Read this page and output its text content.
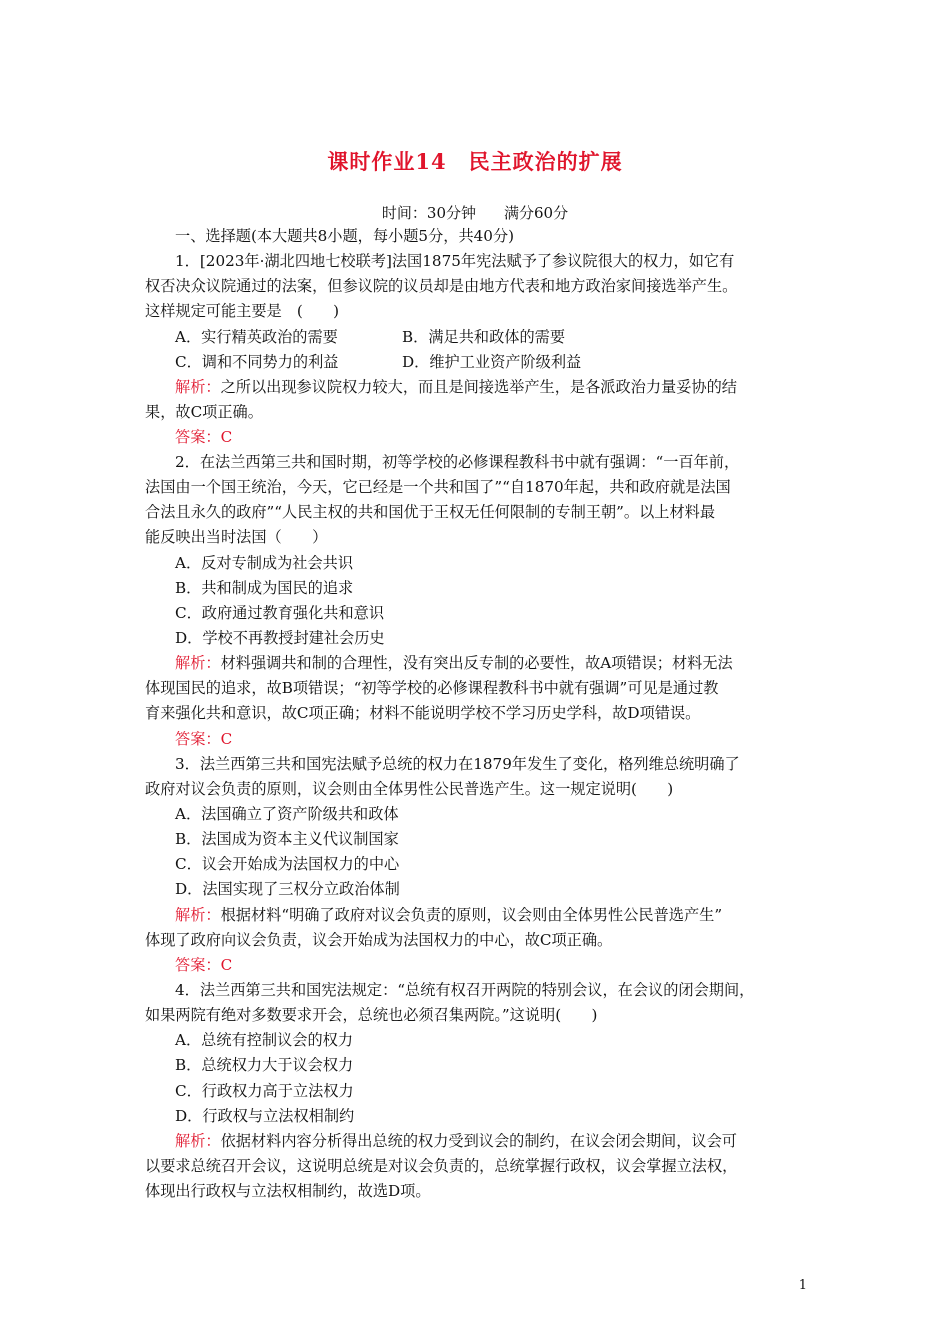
课时作业14　民主政治的扩展
时间：30分钟 满分60分
一、选择题(本大题共8小题，每小题5分，共40分)
1．[2023年·湖北四地七校联考]法国1875年宪法赋予了参议院很大的权力，如它有
权否决众议院通过的法案，但参议院的议员却是由地方代表和地方政治家间接选举产生。
这样规定可能主要是　(　　)
A．实行精英政治的需要	B．满足共和政体的需要
C．调和不同势力的利益	D．维护工业资产阶级利益
解析：之所以出现参议院权力较大，而且是间接选举产生，是各派政治力量妥协的结
果，故C项正确。
答案：C
2．在法兰西第三共和国时期，初等学校的必修课程教科书中就有强调：“一百年前，
法国由一个国王统治，今天，它已经是一个共和国了”“自1870年起，共和政府就是法国
合法且永久的政府”“人民主权的共和国优于王权无任何限制的专制王朝”。以上材料最
能反映出当时法国（　　）
A．反对专制成为社会共识
B．共和制成为国民的追求
C．政府通过教育强化共和意识
D．学校不再教授封建社会历史
解析：材料强调共和制的合理性，没有突出反专制的必要性，故A项错误；材料无法
体现国民的追求，故B项错误；“初等学校的必修课程教科书中就有强调”可见是通过教
育来强化共和意识，故C项正确；材料不能说明学校不学习历史学科，故D项错误。
答案：C
3．法兰西第三共和国宪法赋予总统的权力在1879年发生了变化，格列维总统明确了
政府对议会负责的原则，议会则由全体男性公民普选产生。这一规定说明(　　)
A．法国确立了资产阶级共和政体
B．法国成为资本主义代议制国家
C．议会开始成为法国权力的中心
D．法国实现了三权分立政治体制
解析：根据材料“明确了政府对议会负责的原则，议会则由全体男性公民普选产生”
体现了政府向议会负责，议会开始成为法国权力的中心，故C项正确。
答案：C
4．法兰西第三共和国宪法规定：“总统有权召开两院的特别会议，在会议的闭会期间，
如果两院有绝对多数要求开会，总统也必须召集两院。”这说明(　　)
A．总统有控制议会的权力
B．总统权力大于议会权力
C．行政权力高于立法权力
D．行政权与立法权相制约
解析：依据材料内容分析得出总统的权力受到议会的制约，在议会闭会期间，议会可
以要求总统召开会议，这说明总统是对议会负责的，总统掌握行政权，议会掌握立法权，
体现出行政权与立法权相制约，故选D项。
1
